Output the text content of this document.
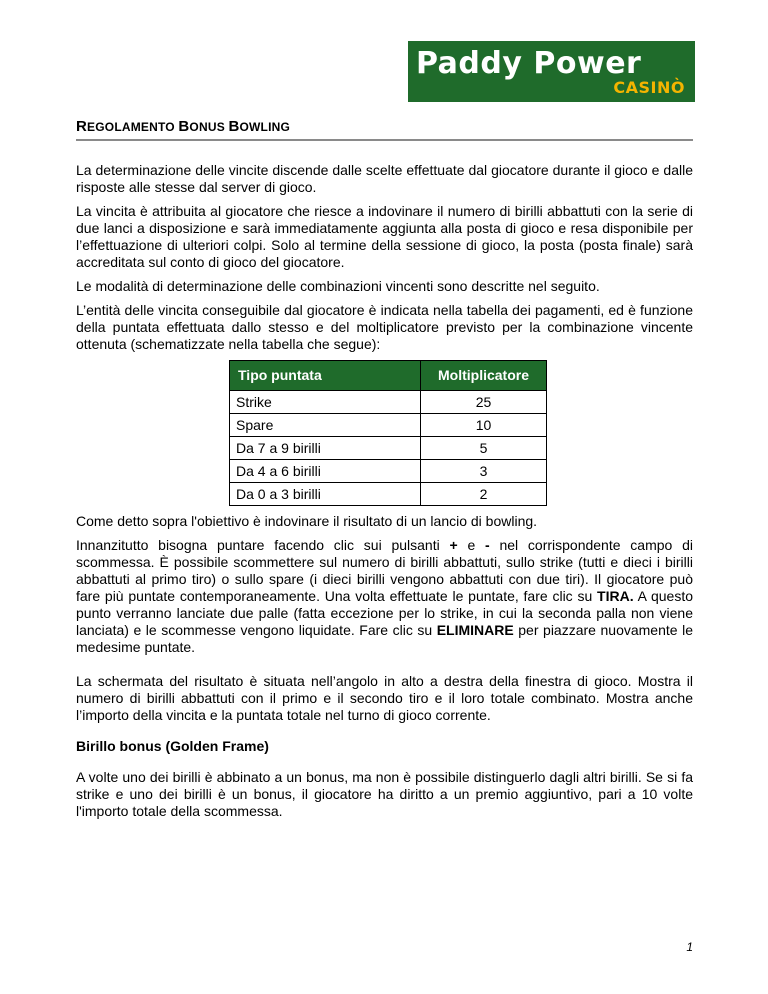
Paddy Power
CASINÒ
REGOLAMENTO BONUS BOWLING

La determinazione delle vincite discende dalle scelte effettuate dal giocatore durante il gioco e dalle risposte alle stesse dal server di gioco.

La vincita è attribuita al giocatore che riesce a indovinare il numero di birilli abbattuti con la serie di due lanci a disposizione e sarà immediatamente aggiunta alla posta di gioco e resa disponibile per l’effettuazione di ulteriori colpi. Solo al termine della sessione di gioco, la posta (posta finale) sarà accreditata sul conto di gioco del giocatore.

Le modalità di determinazione delle combinazioni vincenti sono descritte nel seguito.

L’entità delle vincita conseguibile dal giocatore è indicata nella tabella dei pagamenti, ed è funzione della puntata effettuata dallo stesso e del moltiplicatore previsto per la combinazione vincente ottenuta (schematizzate nella tabella che segue):

Tipo puntata	Moltiplicatore
Strike	25
Spare	10
Da 7 a 9 birilli	5
Da 4 a 6 birilli	3
Da 0 a 3 birilli	2

Come detto sopra l'obiettivo è indovinare il risultato di un lancio di bowling.

Innanzitutto bisogna puntare facendo clic sui pulsanti + e - nel corrispondente campo di scommessa. È possibile scommettere sul numero di birilli abbattuti, sullo strike (tutti e dieci i birilli abbattuti al primo tiro) o sullo spare (i dieci birilli vengono abbattuti con due tiri). Il giocatore può fare più puntate contemporaneamente. Una volta effettuate le puntate, fare clic su TIRA. A questo punto verranno lanciate due palle (fatta eccezione per lo strike, in cui la seconda palla non viene lanciata) e le scommesse vengono liquidate. Fare clic su ELIMINARE per piazzare nuovamente le medesime puntate.

La schermata del risultato è situata nell’angolo in alto a destra della finestra di gioco. Mostra il numero di birilli abbattuti con il primo e il secondo tiro e il loro totale combinato. Mostra anche l’importo della vincita e la puntata totale nel turno di gioco corrente.

Birillo bonus (Golden Frame)

A volte uno dei birilli è abbinato a un bonus, ma non è possibile distinguerlo dagli altri birilli. Se si fa strike e uno dei birilli è un bonus, il giocatore ha diritto a un premio aggiuntivo, pari a 10 volte l'importo totale della scommessa.

1
